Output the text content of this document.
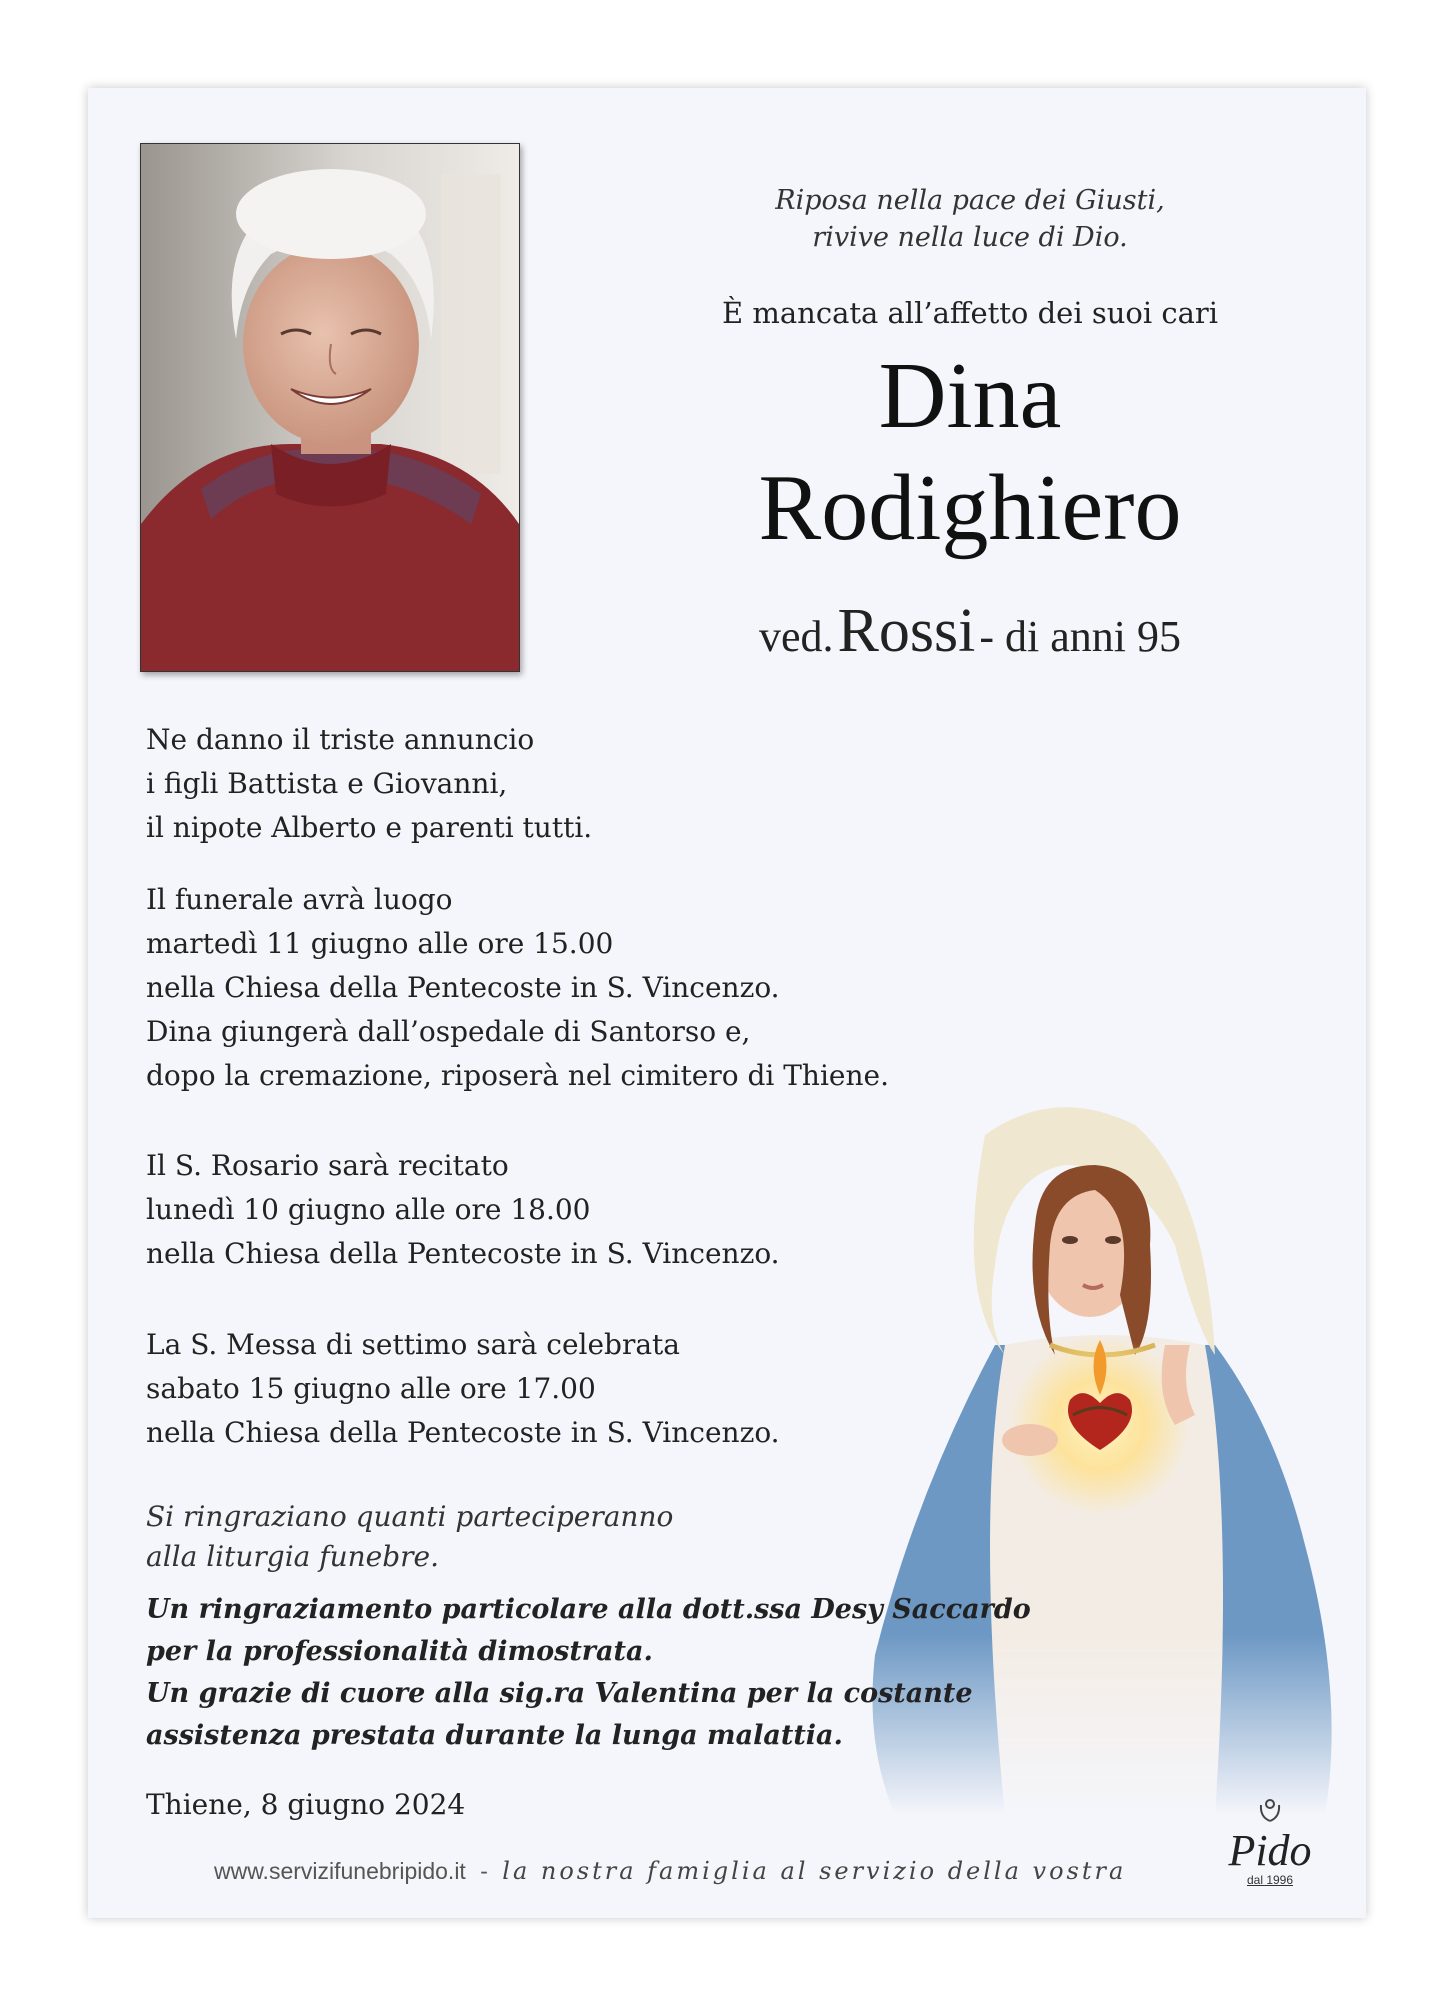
Riposa nella pace dei Giusti,
rivive nella luce di Dio.
È mancata all’affetto dei suoi cari
Dina
Rodighiero
ved. Rossi - di anni 95
Ne danno il triste annuncio
i figli Battista e Giovanni,
il nipote Alberto e parenti tutti.
Il funerale avrà luogo
martedì 11 giugno alle ore 15.00
nella Chiesa della Pentecoste in S. Vincenzo.
Dina giungerà dall’ospedale di Santorso e,
dopo la cremazione, riposerà nel cimitero di Thiene.
Il S. Rosario sarà recitato
lunedì 10 giugno alle ore 18.00
nella Chiesa della Pentecoste in S. Vincenzo.
La S. Messa di settimo sarà celebrata
sabato 15 giugno alle ore 17.00
nella Chiesa della Pentecoste in S. Vincenzo.
Si ringraziano quanti parteciperanno
alla liturgia funebre.
Un ringraziamento particolare alla dott.ssa Desy Saccardo
per la professionalità dimostrata.
Un grazie di cuore alla sig.ra Valentina per la costante
assistenza prestata durante la lunga malattia.
Thiene, 8 giugno 2024
www.servizifunebripido.it - la nostra famiglia al servizio della vostra	Pido
dal 1996
